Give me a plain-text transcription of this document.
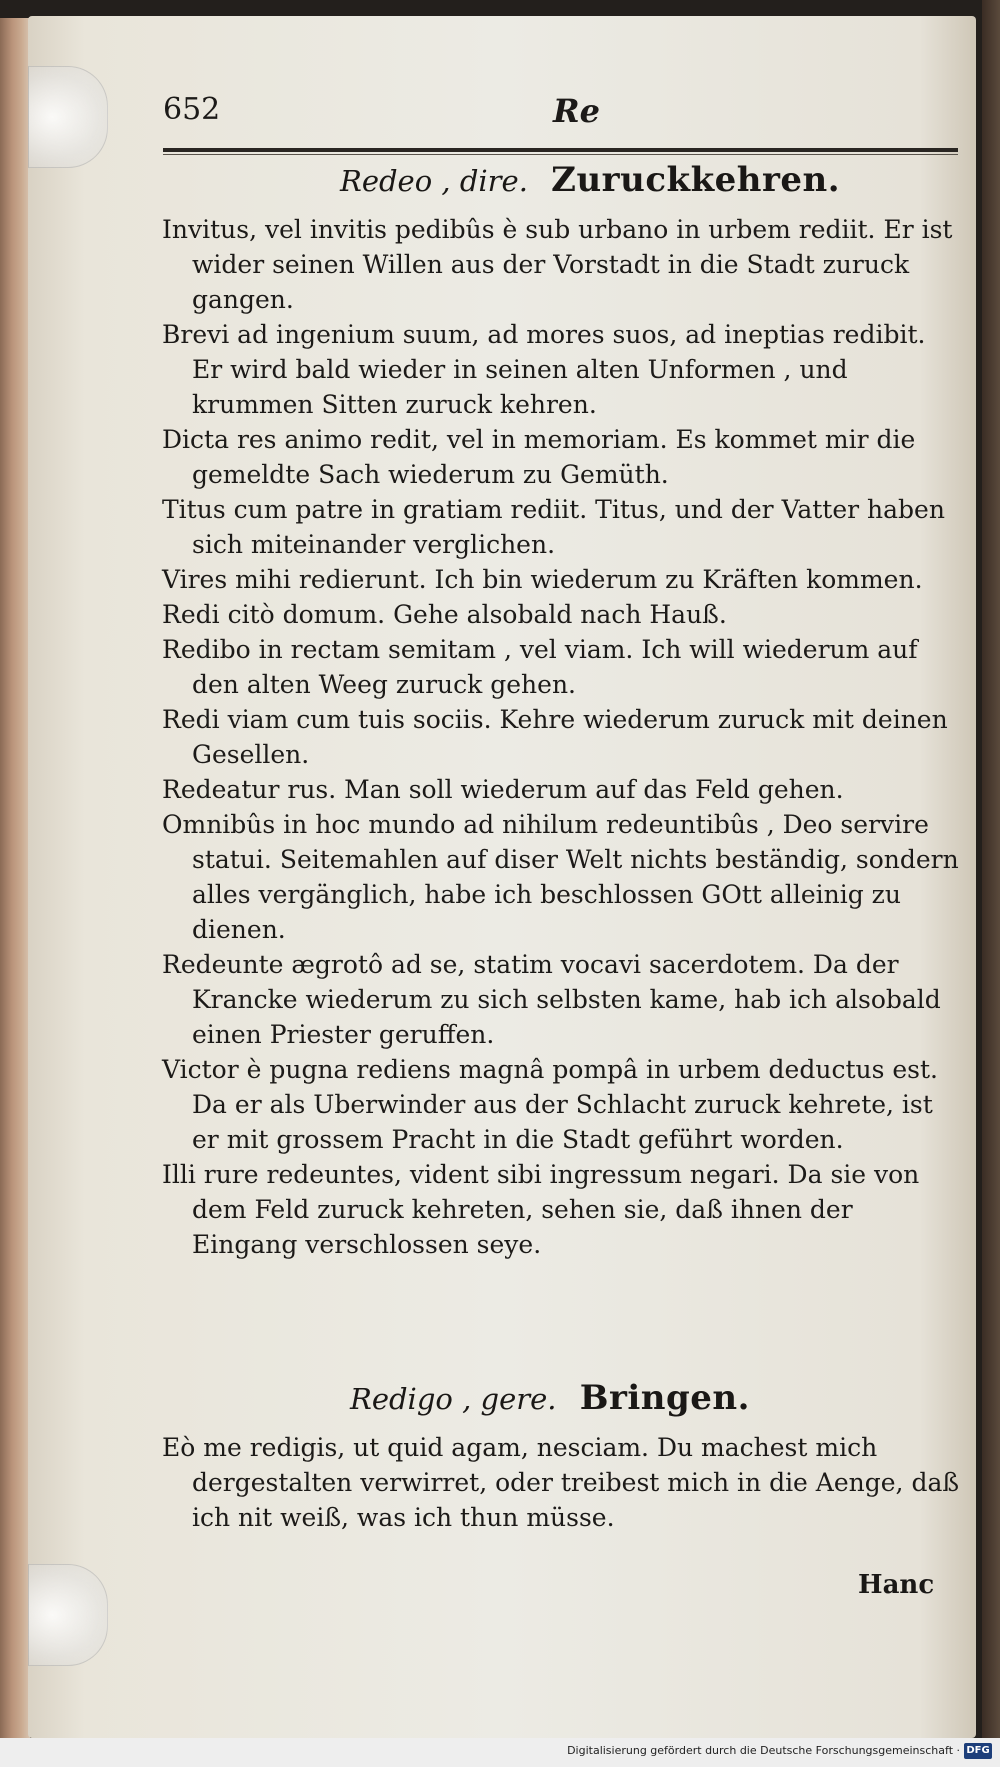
652	Re
Redeo , dire. Zuruckkehren.
Invitus, vel invitis pedibûs è sub urbano in urbem rediit. Er ist wider seinen Willen aus der Vorstadt in die Stadt zuruck gangen.
Brevi ad ingenium suum, ad mores suos, ad ineptias redibit. Er wird bald wieder in seinen alten Unformen , und krummen Sitten zuruck kehren.
Dicta res animo redit, vel in memoriam. Es kommet mir die gemeldte Sach wiederum zu Gemüth.
Titus cum patre in gratiam rediit. Titus, und der Vatter haben sich miteinander verglichen.
Vires mihi redierunt. Ich bin wiederum zu Kräften kommen.
Redi citò domum. Gehe alsobald nach Hauß.
Redibo in rectam semitam , vel viam. Ich will wiederum auf den alten Weeg zuruck gehen.
Redi viam cum tuis sociis. Kehre wiederum zuruck mit deinen Gesellen.
Redeatur rus. Man soll wiederum auf das Feld gehen.
Omnibûs in hoc mundo ad nihilum redeuntibûs , Deo servire statui. Seitemahlen auf diser Welt nichts beständig, sondern alles vergänglich, habe ich beschlossen GOtt alleinig zu dienen.
Redeunte ægrotô ad se, statim vocavi sacerdotem. Da der Krancke wiederum zu sich selbsten kame, hab ich alsobald einen Priester geruffen.
Victor è pugna rediens magnâ pompâ in urbem deductus est. Da er als Uberwinder aus der Schlacht zuruck kehrete, ist er mit grossem Pracht in die Stadt geführt worden.
Illi rure redeuntes, vident sibi ingressum negari. Da sie von dem Feld zuruck kehreten, sehen sie, daß ihnen der Eingang verschlossen seye.
Redigo , gere. Bringen.
Eò me redigis, ut quid agam, nesciam. Du machest mich dergestalten verwirret, oder treibest mich in die Aenge, daß ich nit weiß, was ich thun müsse.
Hanc
Digitalisierung gefördert durch die Deutsche Forschungsgemeinschaft · DFG
